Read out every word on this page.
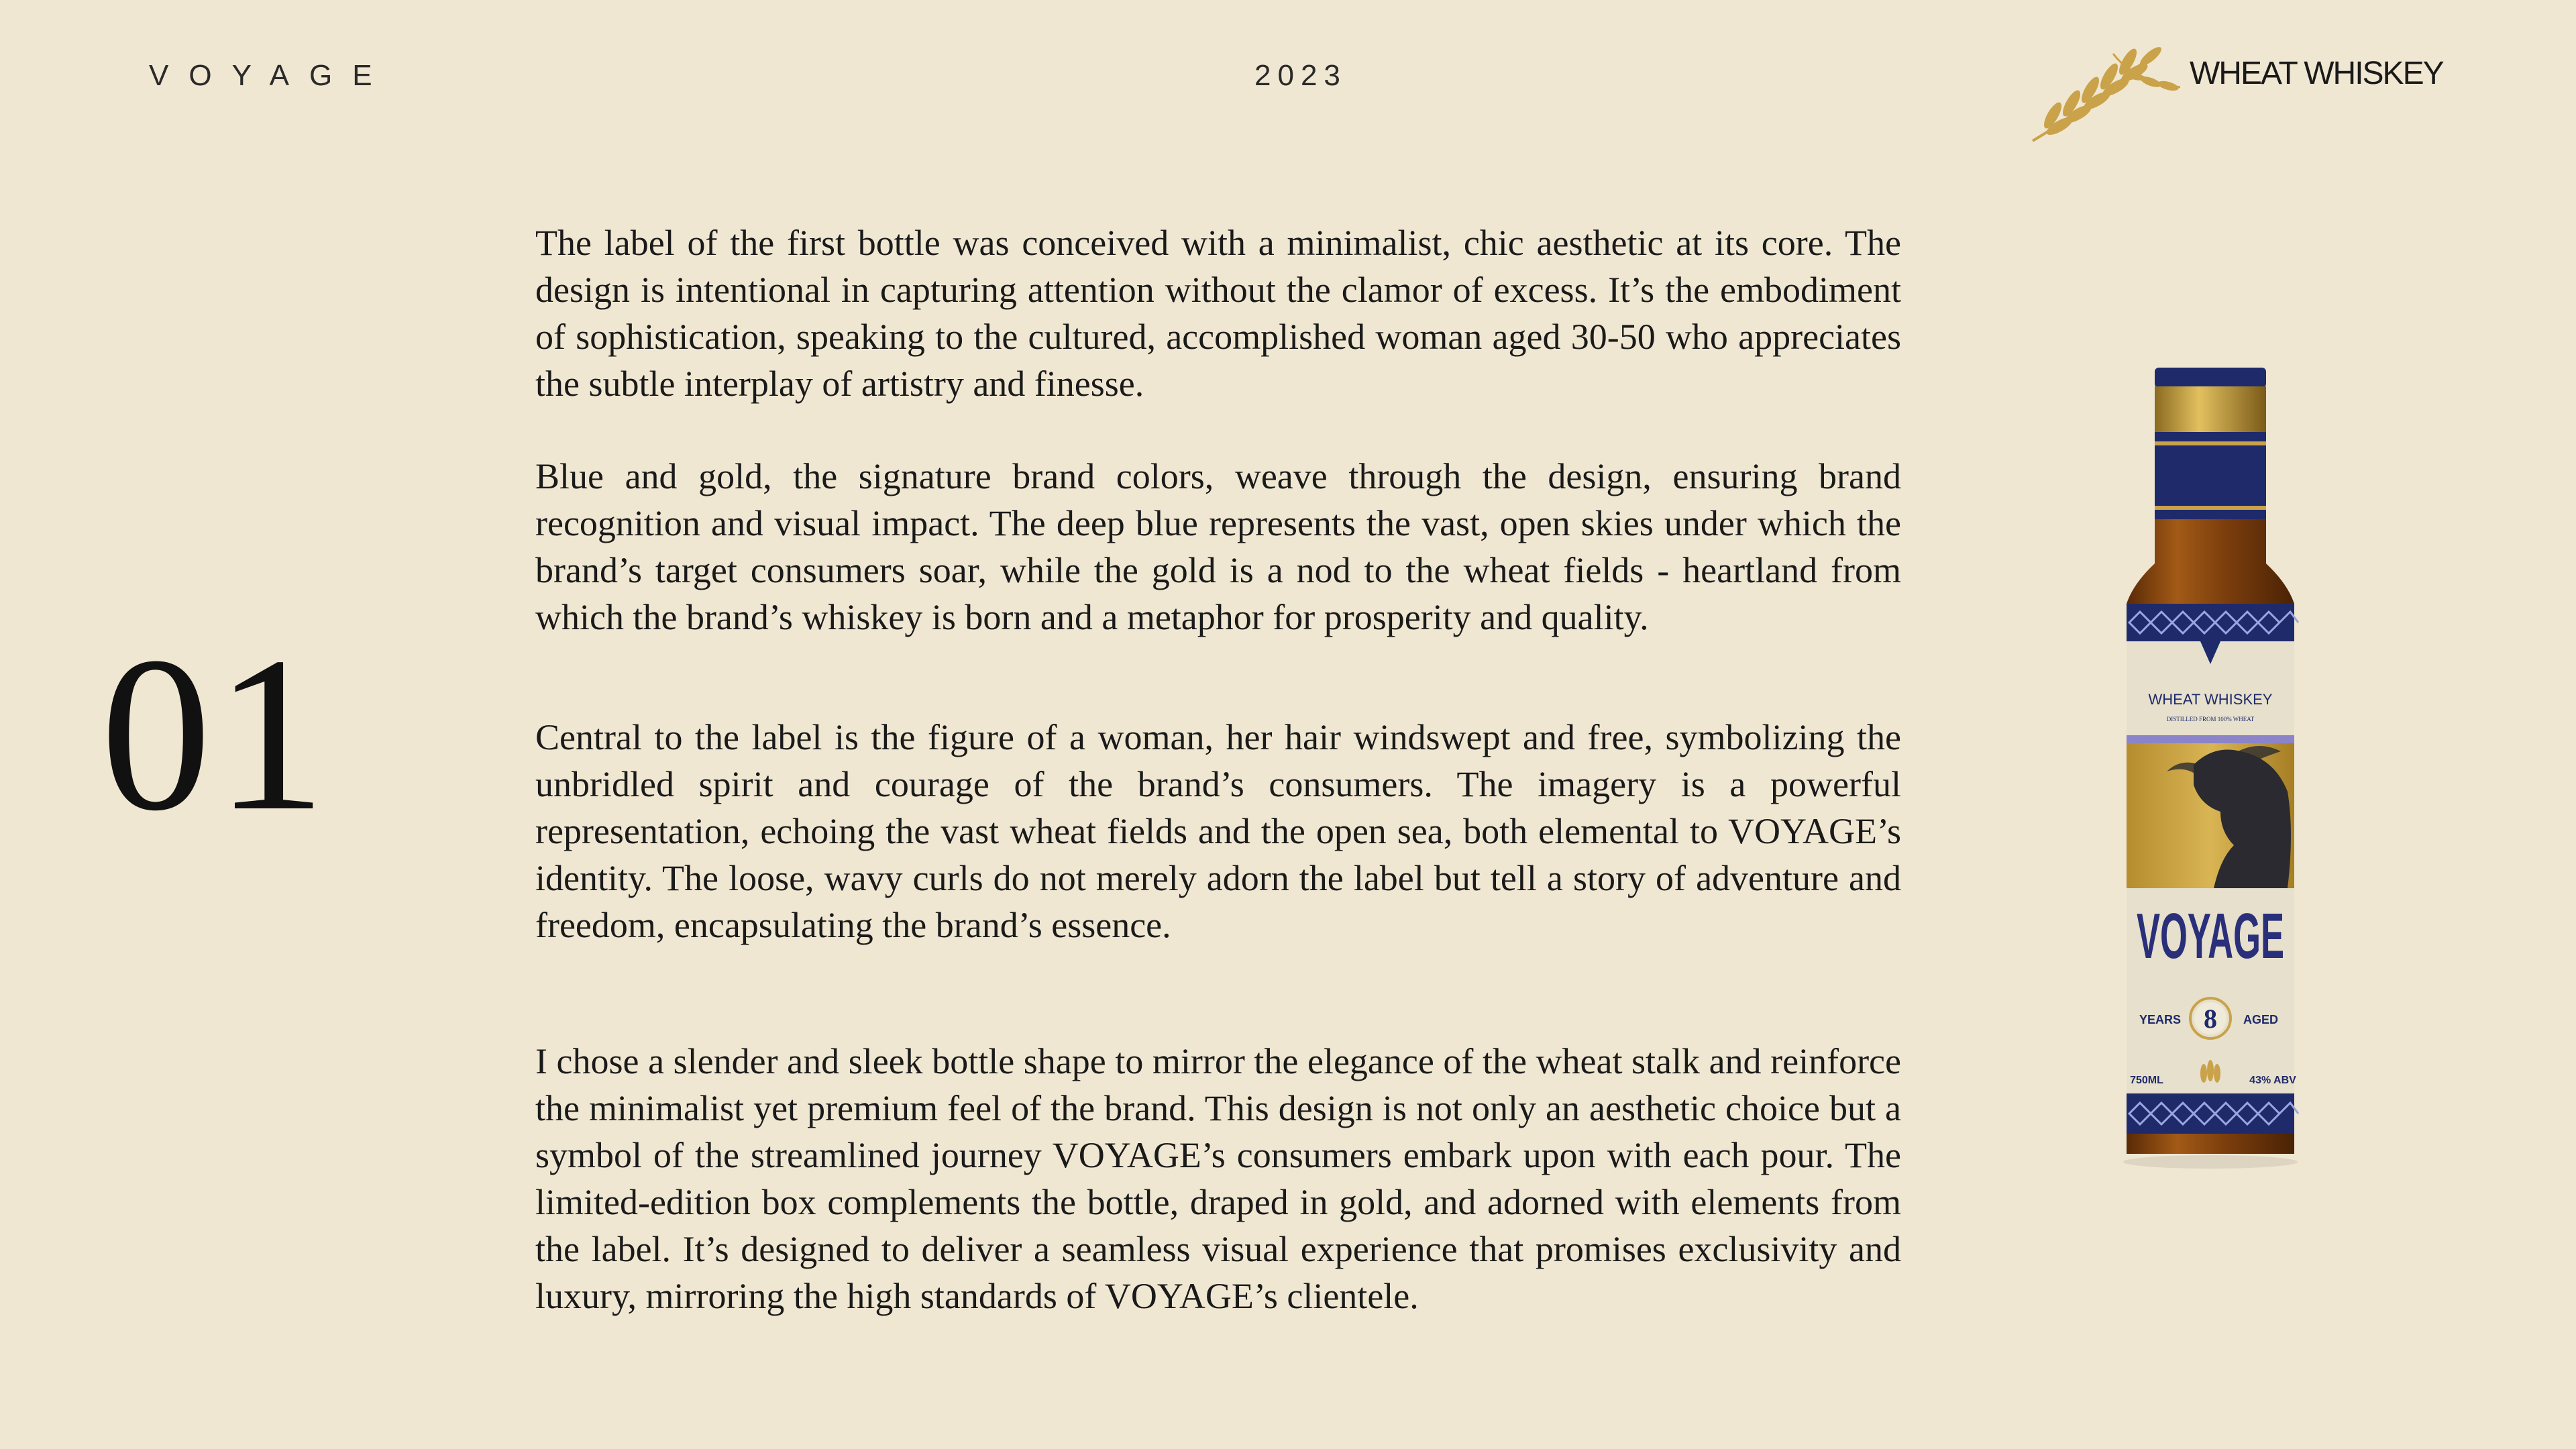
VOYAGE	2023	WHEAT WHISKEY
01

The label of the first bottle was conceived with a minimalist, chic aesthetic at its core. The design is intentional in capturing attention without the clamor of excess. It’s the embodiment of sophistication, speaking to the cultured, accomplished woman aged 30-50 who appreciates the subtle interplay of artistry and finesse.

Blue and gold, the signature brand colors, weave through the design, ensuring brand recognition and visual impact. The deep blue represents the vast, open skies under which the brand’s target consumers soar, while the gold is a nod to the wheat fields - heartland from which the brand’s whiskey is born and a metaphor for prosperity and quality.

Central to the label is the figure of a woman, her hair windswept and free, symbolizing the unbridled spirit and courage of the brand’s consumers. The imagery is a powerful representation, echoing the vast wheat fields and the open sea, both elemental to VOYAGE’s identity. The loose, wavy curls do not merely adorn the label but tell a story of adventure and freedom, encapsulating the brand’s essence.

I chose a slender and sleek bottle shape to mirror the elegance of the wheat stalk and reinforce the minimalist yet premium feel of the brand. This design is not only an aesthetic choice but a symbol of the streamlined journey VOYAGE’s consumers embark upon with each pour. The limited-edition box complements the bottle, draped in gold, and adorned with elements from the label. It’s designed to deliver a seamless visual experience that promises exclusivity and luxury, mirroring the high standards of VOYAGE’s clientele.

WHEAT WHISKEY
DISTILLED FROM 100% WHEAT
VOYAGE
8
YEARS	AGED
750ML	43% ABV
